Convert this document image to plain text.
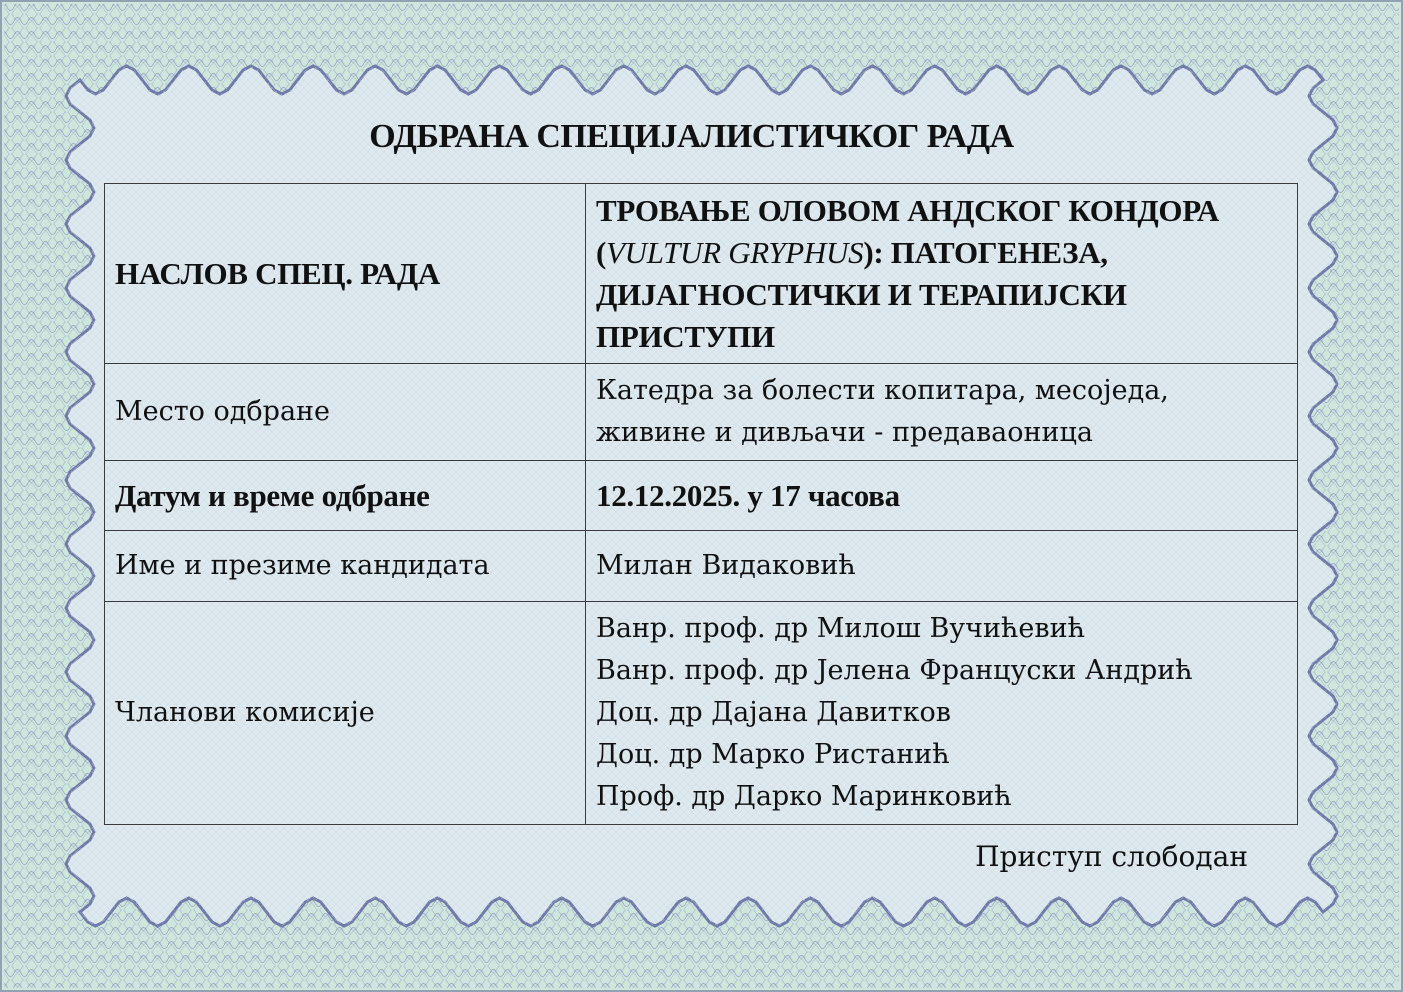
ОДБРАНА СПЕЦИЈАЛИСТИЧКОГ РАДА
НАСЛОВ СПЕЦ. РАДА	ТРОВАЊЕ ОЛОВОМ АНДСКОГ КОНДОРА
(VULTUR GRYPHUS): ПАТОГЕНЕЗА,
ДИЈАГНОСТИЧКИ И ТЕРАПИЈСКИ
ПРИСТУПИ

Место одбране	Катедра за болести копитара, месоједа,
живине и дивљачи - предаваоница

Датум и време одбране	12.12.2025. у 17 часова
Име и презиме кандидата	Милан Видаковић
Чланови комисије	Ванр. проф. др Милош Вучићевић
Ванр. проф. др Јелена Француски Андрић
Доц. др Дајана Давитков
Доц. др Марко Ристанић
Проф. др Дарко Маринковић
Приступ слободан
